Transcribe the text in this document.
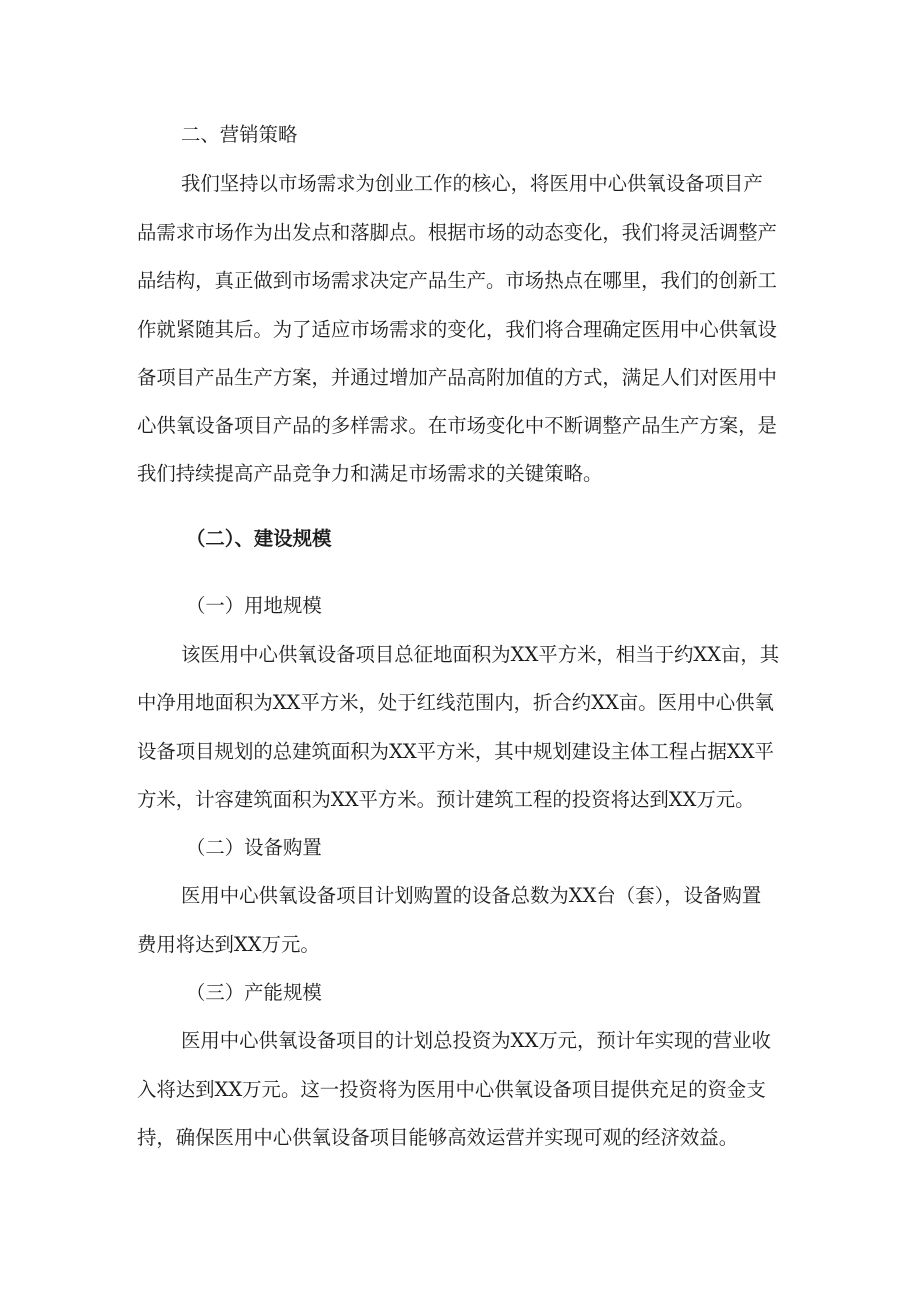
二、营销策略
我们坚持以市场需求为创业工作的核心，将医用中心供氧设备项目产
品需求市场作为出发点和落脚点。根据市场的动态变化，我们将灵活调整产
品结构，真正做到市场需求决定产品生产。市场热点在哪里，我们的创新工
作就紧随其后。为了适应市场需求的变化，我们将合理确定医用中心供氧设
备项目产品生产方案，并通过增加产品高附加值的方式，满足人们对医用中
心供氧设备项目产品的多样需求。在市场变化中不断调整产品生产方案，是
我们持续提高产品竞争力和满足市场需求的关键策略。
（二）、建设规模
（一）用地规模
该医用中心供氧设备项目总征地面积为XX平方米，相当于约XX亩，其
中净用地面积为XX平方米，处于红线范围内，折合约XX亩。医用中心供氧
设备项目规划的总建筑面积为XX平方米，其中规划建设主体工程占据XX平
方米，计容建筑面积为XX平方米。预计建筑工程的投资将达到XX万元。
（二）设备购置
医用中心供氧设备项目计划购置的设备总数为XX台（套），设备购置
费用将达到XX万元。
（三）产能规模
医用中心供氧设备项目的计划总投资为XX万元，预计年实现的营业收
入将达到XX万元。这一投资将为医用中心供氧设备项目提供充足的资金支
持，确保医用中心供氧设备项目能够高效运营并实现可观的经济效益。
